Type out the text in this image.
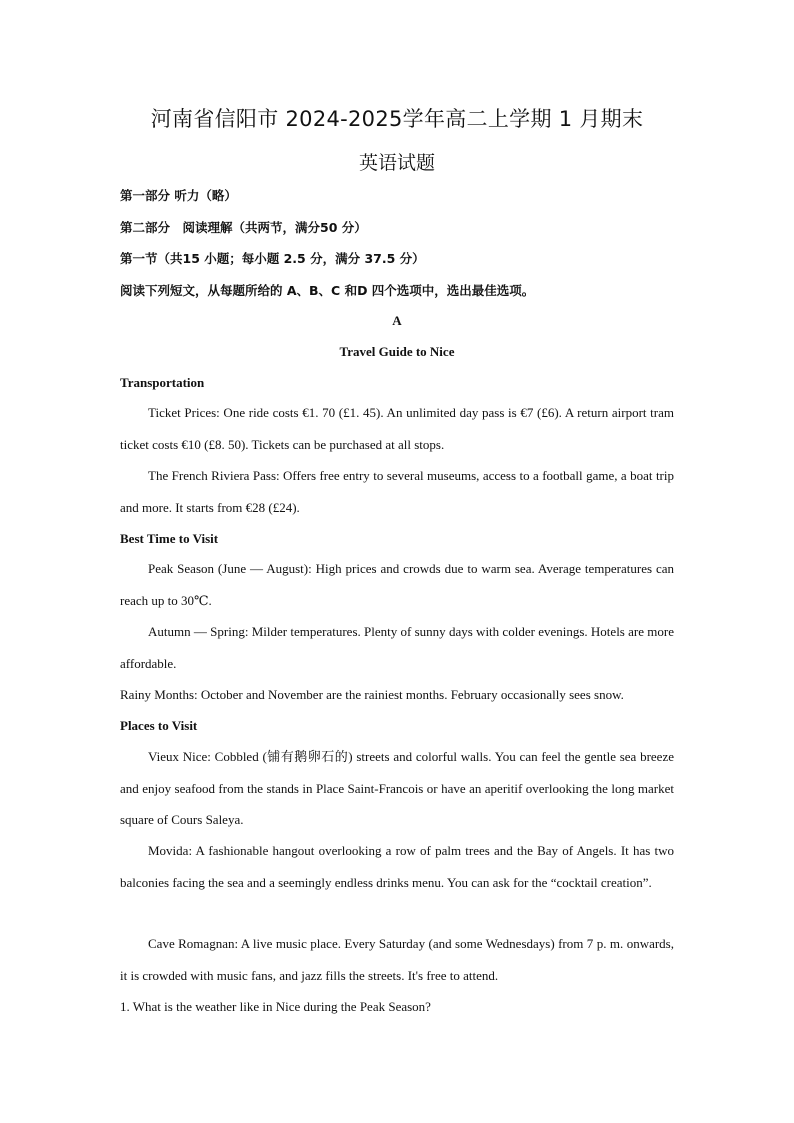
河南省信阳市 2024-2025学年高二上学期 1 月期末
英语试题
第一部分 听力（略）
第二部分　阅读理解（共两节，满分50 分）
第一节（共15 小题；每小题 2.5 分，满分 37.5 分）
阅读下列短文，从每题所给的 A、B、C 和D 四个选项中，选出最佳选项。
A
Travel Guide to Nice
Transportation
Ticket Prices: One ride costs €1. 70 (£1. 45). An unlimited day pass is €7 (£6). A return airport tram ticket costs €10 (£8. 50). Tickets can be purchased at all stops.
The French Riviera Pass: Offers free entry to several museums, access to a football game, a boat trip and more. It starts from €28 (£24).
Best Time to Visit
Peak Season (June — August): High prices and crowds due to warm sea. Average temperatures can reach up to 30℃.
Autumn — Spring: Milder temperatures. Plenty of sunny days with colder evenings. Hotels are more affordable.
Rainy Months: October and November are the rainiest months. February occasionally sees snow.
Places to Visit
Vieux Nice: Cobbled (铺有鹅卵石的) streets and colorful walls. You can feel the gentle sea breeze and enjoy seafood from the stands in Place Saint-Francois or have an aperitif overlooking the long market square of Cours Saleya.
Movida: A fashionable hangout overlooking a row of palm trees and the Bay of Angels. It has two balconies facing the sea and a seemingly endless drinks menu. You can ask for the “cocktail creation”.
Cave Romagnan: A live music place. Every Saturday (and some Wednesdays) from 7 p. m. onwards, it is crowded with music fans, and jazz fills the streets. It's free to attend.
1. What is the weather like in Nice during the Peak Season?
